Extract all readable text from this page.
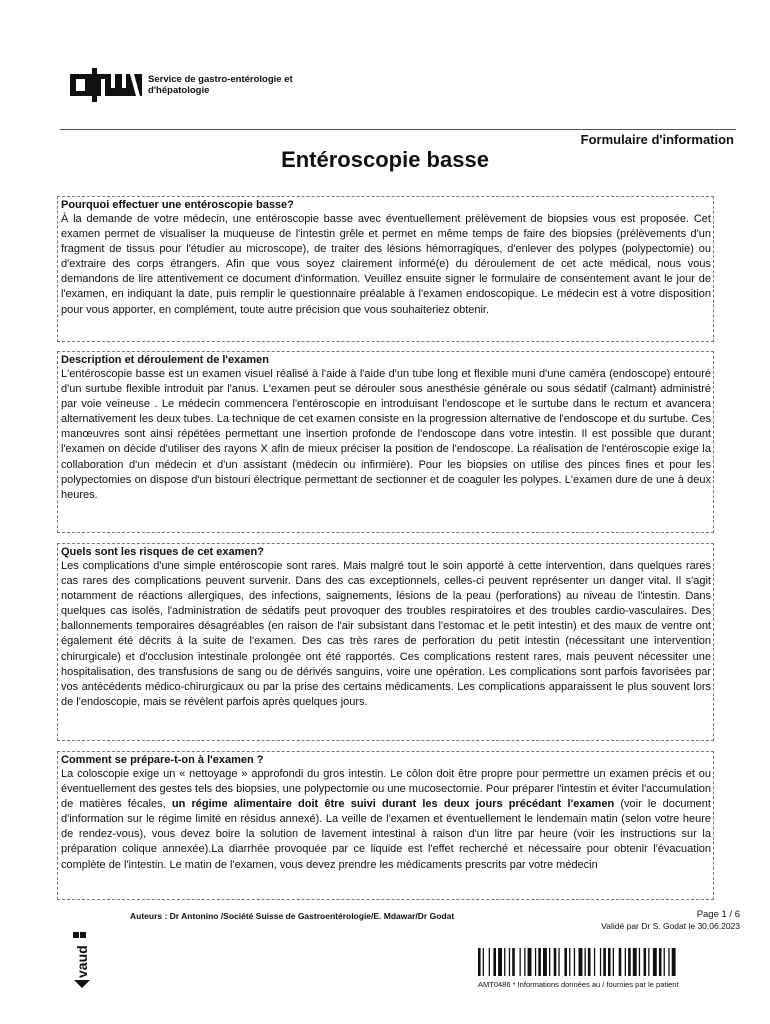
Service de gastro-entérologie et
d'hépatologie
Formulaire d'information
Entéroscopie basse
Pourquoi effectuer une entéroscopie basse?

À la demande de votre médecin, une entéroscopie basse avec éventuellement prélèvement de biopsies vous est proposée. Cet examen permet de visualiser la muqueuse de l'intestin grêle et permet en même temps de faire des biopsies (prélèvements d'un fragment de tissus pour l'étudier au microscope), de traiter des lésions hémorragiques, d'enlever des polypes (polypectomie) ou d'extraire des corps étrangers. Afin que vous soyez clairement informé(e) du déroulement de cet acte médical, nous vous demandons de lire attentivement ce document d'information. Veuillez ensuite signer le formulaire de consentement avant le jour de l'examen, en indiquant la date, puis remplir le questionnaire préalable à l'examen endoscopique. Le médecin est à votre disposition pour vous apporter, en complément, toute autre précision que vous souhaiteriez obtenir.

Description et déroulement de l'examen

L'entéroscopie basse est un examen visuel réalisé à l'aide à l'aide d'un tube long et flexible muni d'une caméra (endoscope) entouré d'un surtube flexible introduit par l'anus. L'examen peut se dérouler sous anesthésie générale ou sous sédatif (calmant) administré par voie veineuse . Le médecin commencera l'entéroscopie en introduisant l'endoscope et le surtube dans le rectum et avancera alternativement les deux tubes. La technique de cet examen consiste en la progression alternative de l'endoscope et du surtube. Ces manœuvres sont ainsi répétées permettant une insertion profonde de l'endoscope dans votre intestin. Il est possible que durant l'examen on décide d'utiliser des rayons X afin de mieux préciser la position de l'endoscope. La réalisation de l'entéroscopie exige la collaboration d'un médecin et d'un assistant (médecin ou infirmière). Pour les biopsies on utilise des pinces fines et pour les polypectomies on dispose d'un bistouri électrique permettant de sectionner et de coaguler les polypes. L'examen dure de une à deux heures.

Quels sont les risques de cet examen?

Les complications d'une simple entéroscopie sont rares. Mais malgré tout le soin apporté à cette intervention, dans quelques rares cas rares des complications peuvent survenir. Dans des cas exceptionnels, celles-ci peuvent représenter un danger vital. Il s'agit notamment de réactions allergiques, des infections, saignements, lésions de la peau (perforations) au niveau de l'intestin. Dans quelques cas isolés, l'administration de sédatifs peut provoquer des troubles respiratoires et des troubles cardio-vasculaires. Des ballonnements temporaires désagréables (en raison de l'air subsistant dans l'estomac et le petit intestin) et des maux de ventre ont également été décrits à la suite de l'examen. Des cas très rares de perforation du petit intestin (nécessitant une intervention chirurgicale) et d'occlusion intestinale prolongée ont été rapportés. Ces complications restent rares, mais peuvent nécessiter une hospitalisation, des transfusions de sang ou de dérivés sanguins, voire une opération. Les complications sont parfois favorisées par vos antécédents médico-chirurgicaux ou par la prise des certains médicaments. Les complications apparaissent le plus souvent lors de l'endoscopie, mais se révèlent parfois après quelques jours.

Comment se prépare-t-on à l'examen ?

La coloscopie exige un « nettoyage » approfondi du gros intestin. Le côlon doit être propre pour permettre un examen précis et ou éventuellement des gestes tels des biopsies, une polypectomie ou une mucosectomie. Pour préparer l'intestin et éviter l'accumulation de matières fécales, un régime alimentaire doit être suivi durant les deux jours précédant l'examen (voir le document d'information sur le régime limité en résidus annexé). La veille de l'examen et éventuellement le lendemain matin (selon votre heure de rendez-vous), vous devez boire la solution de lavement intestinal à raison d'un litre par heure (voir les instructions sur la préparation colique annexée).La diarrhée provoquée par ce liquide est l'effet recherché et nécessaire pour obtenir l'évacuation complète de l'intestin. Le matin de l'examen, vous devez prendre les médicaments prescrits par votre médecin

Auteurs : Dr Antonino /Société Suisse de Gastroentérologie/E. Mdawar/Dr Godat	Page 1 / 6
Validé par Dr S. Godat le 30.06.2023
vaud
AMT0486 * Informations données au / fournies par le patient
